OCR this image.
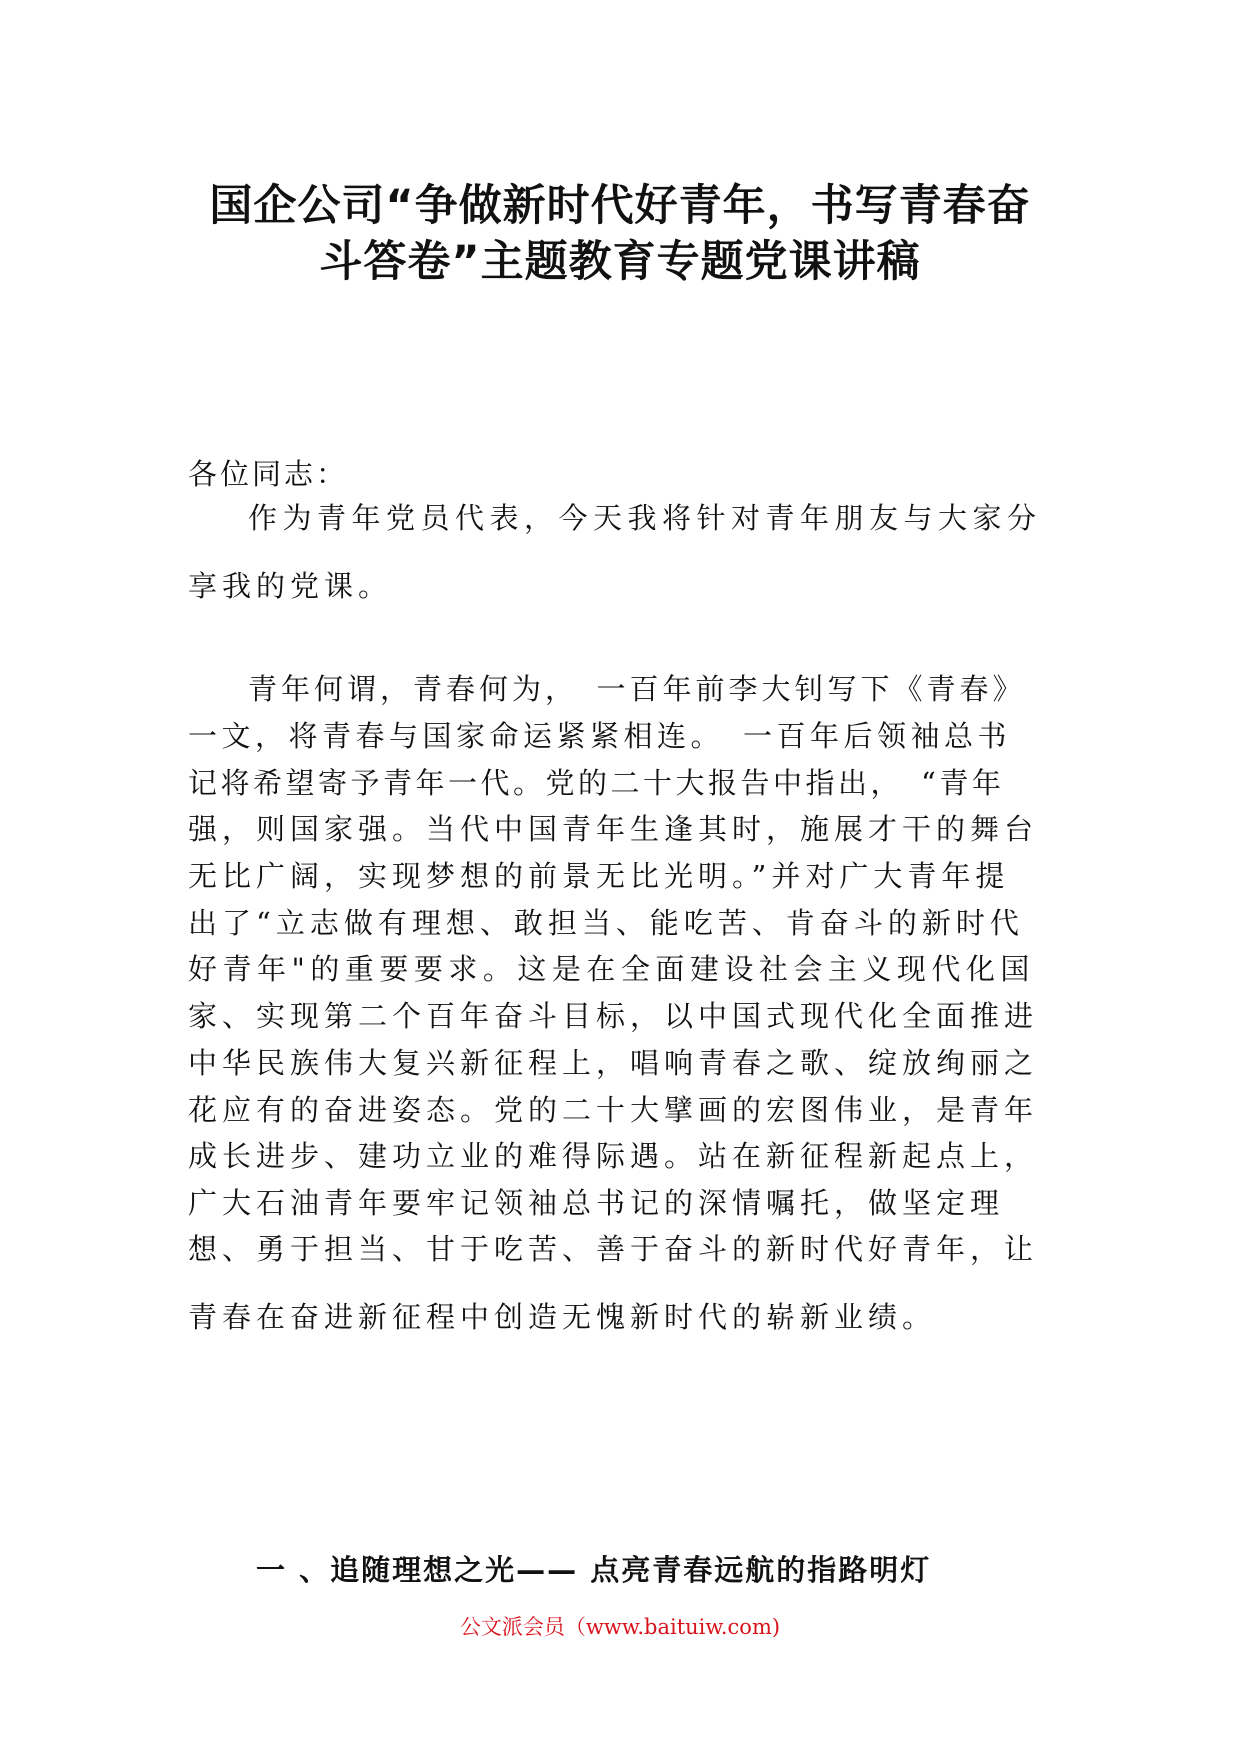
国企公司“争做新时代好青年，书写青春奋
斗答卷”主题教育专题党课讲稿

各位同志：

作为青年党员代表，今天我将针对青年朋友与大家分

享我的党课。

青年何谓，青春何为，　一百年前李大钊写下《青春》

一文，将青春与国家命运紧紧相连。　一百年后领袖总书

记将希望寄予青年一代。党的二十大报告中指出，　“青年

强，则国家强。当代中国青年生逢其时，施展才干的舞台

无比广阔，实现梦想的前景无比光明。”并对广大青年提

出了“立志做有理想、敢担当、能吃苦、肯奋斗的新时代

好青年"的重要要求。这是在全面建设社会主义现代化国

家、实现第二个百年奋斗目标，以中国式现代化全面推进

中华民族伟大复兴新征程上，唱响青春之歌、绽放绚丽之

花应有的奋进姿态。党的二十大擘画的宏图伟业，是青年

成长进步、建功立业的难得际遇。站在新征程新起点上，

广大石油青年要牢记领袖总书记的深情嘱托，做坚定理

想、勇于担当、甘于吃苦、善于奋斗的新时代好青年，让

青春在奋进新征程中创造无愧新时代的崭新业绩。

一 、追随理想之光—— 点亮青春远航的指路明灯

公文派会员（www.baituiw.com)
